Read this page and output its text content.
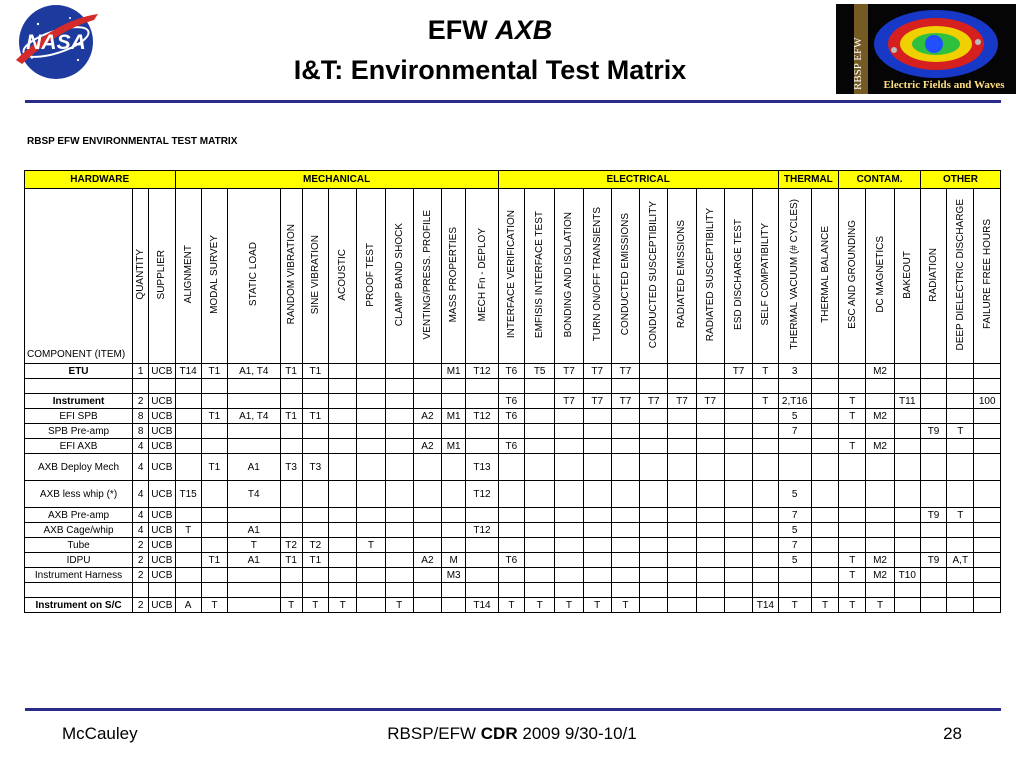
NASA	EFW AXB
I&T: Environmental Test Matrix	RBSP EFW Electric Fields and Waves
RBSP EFW ENVIRONMENTAL TEST MATRIX
HARDWARE			MECHANICAL											ELECTRICAL										THERMAL		CONTAM.			OTHER		
COMPONENT (ITEM)	QUANTITY	SUPPLIER	ALIGNMENT	MODAL SURVEY	STATIC LOAD	RANDOM VIBRATION	SINE VIBRATION	ACOUSTIC	PROOF TEST	CLAMP BAND SHOCK	VENTING/PRESS. PROFILE	MASS PROPERTIES	MECH Fn - DEPLOY	INTERFACE VERIFICATION	EMFISIS INTERFACE TEST	BONDING AND ISOLATION	TURN ON/OFF TRANSIENTS	CONDUCTED EMISSIONS	CONDUCTED SUSCEPTIBILITY	RADIATED EMISSIONS	RADIATED SUSCEPTIBILITY	ESD DISCHARGE TEST	SELF COMPATIBILITY	THERMAL VACUUM (# CYCLES)	THERMAL BALANCE	ESC AND GROUNDING	DC MAGNETICS	BAKEOUT	RADIATION	DEEP DIELECTRIC DISCHARGE	FAILURE FREE HOURS
ETU	1	UCB	T14	T1	A1, T4	T1	T1					M1	T12	T6	T5	T7	T7	T7				T7	T	3			M2				

Instrument	2	UCB												T6		T7	T7	T7	T7	T7	T7		T	2,T16		T		T11			100
EFI SPB	8	UCB		T1	A1, T4	T1	T1				A2	M1	T12	T6										5		T	M2				
SPB Pre-amp	8	UCB																						7					T9	T	
EFI AXB	4	UCB									A2	M1		T6												T	M2				
AXB Deploy Mech	4	UCB		T1	A1	T3	T3						T13																		
AXB less whip (*)	4	UCB	T15		T4								T12											5							
AXB Pre-amp	4	UCB																						7					T9	T	
AXB Cage/whip	4	UCB	T		A1								T12											5							
Tube	2	UCB			T	T2	T2		T															7							
IDPU	2	UCB		T1	A1	T1	T1				A2	M		T6										5		T	M2		T9	A,T	
Instrument Harness	2	UCB										M3														T	M2	T10			

Instrument on S/C	2	UCB	A	T		T	T	T		T			T14	T	T	T	T	T					T14	T	T	T	T				
McCauley	RBSP/EFW CDR 2009 9/30-10/1	28
